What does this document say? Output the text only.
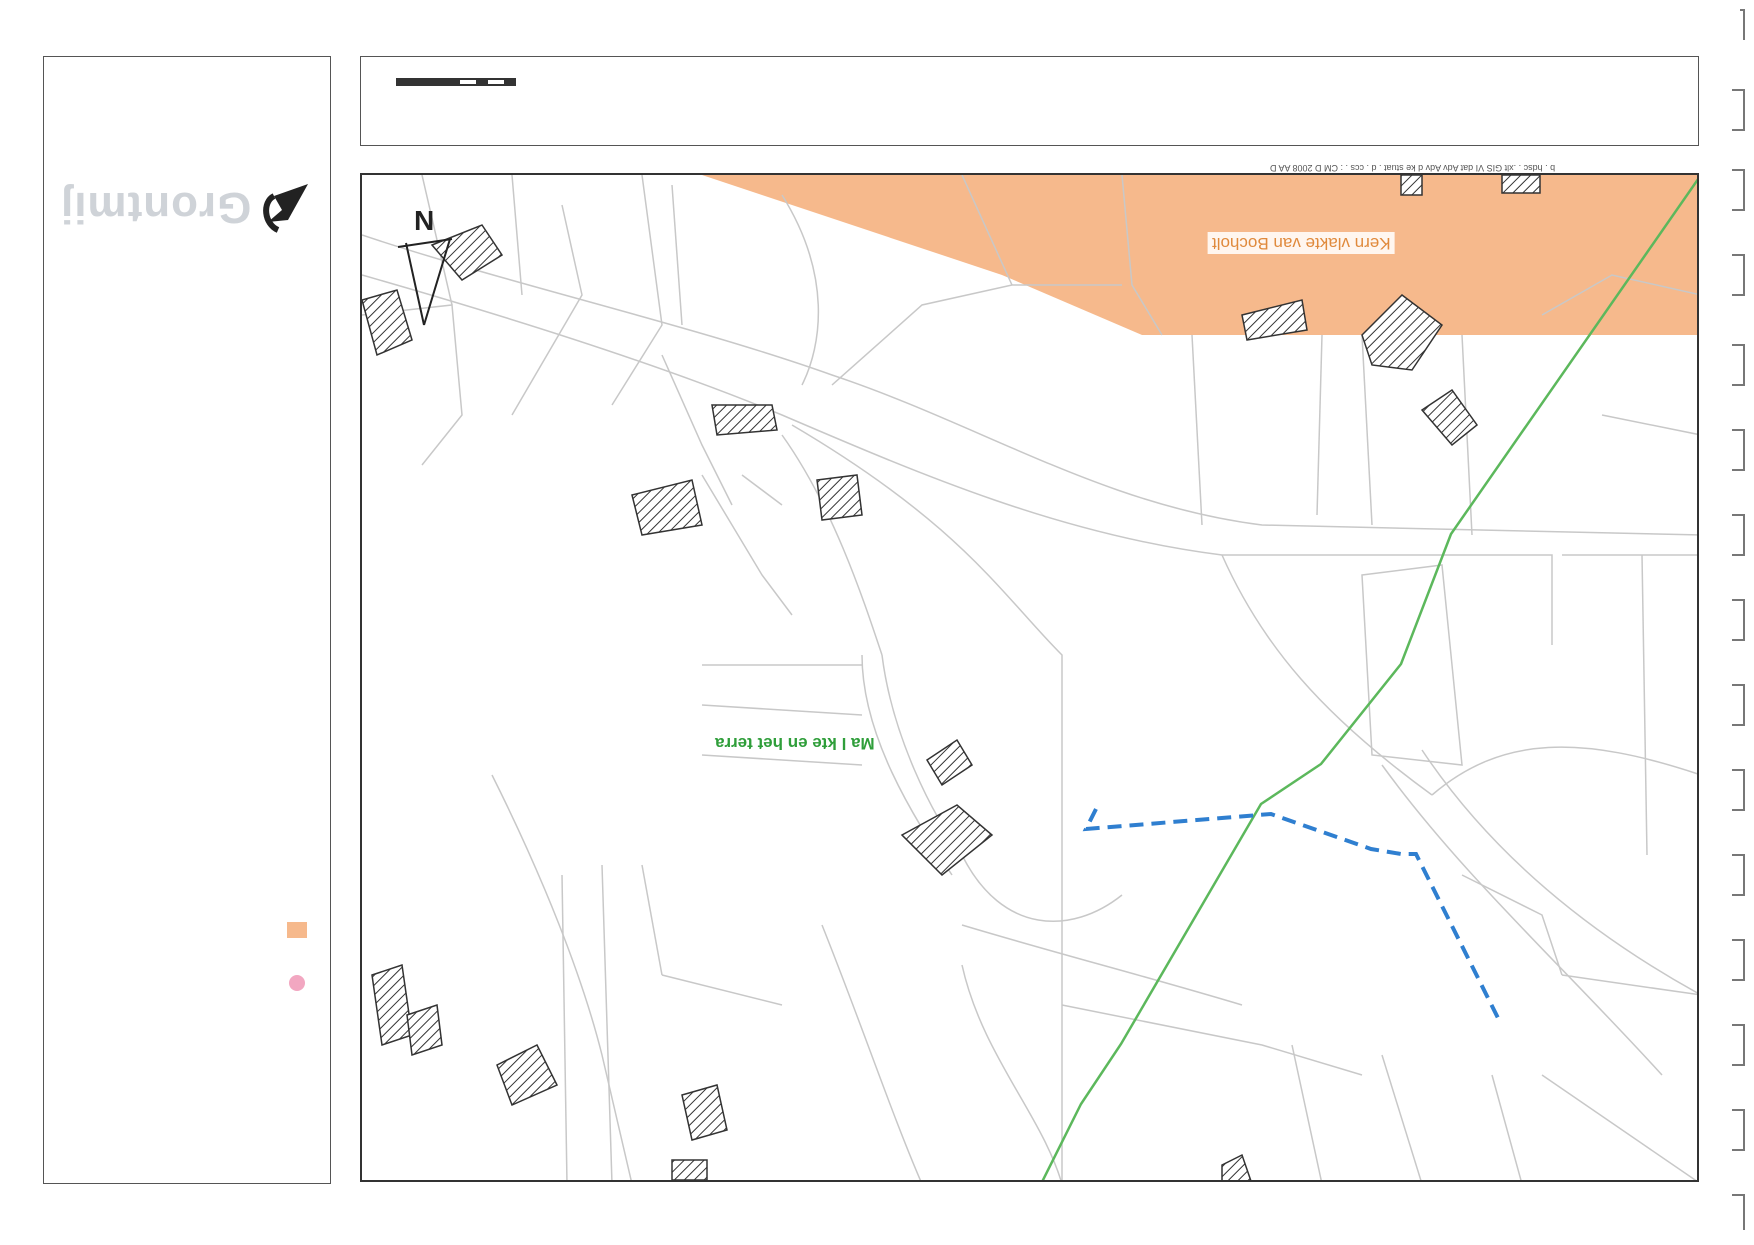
Grontmij
b . hdsc . .xlt GIS VI dat Adv Adv d ke stuat . d . ccs . : CM D 2008 AA D
Kern vlakte van Bocholt
Ma l kte en het terra
N
